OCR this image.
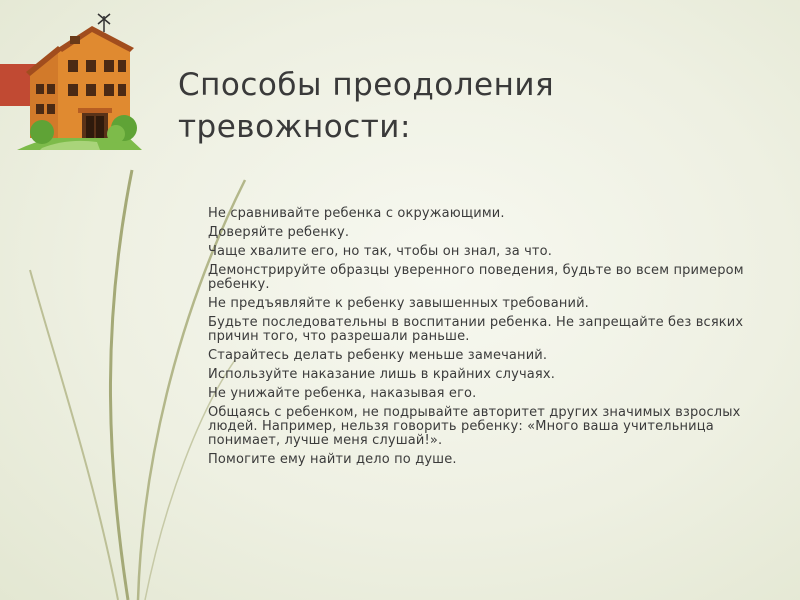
Способы преодоления тревожности:
Не сравнивайте ребенка с окружающими.
Доверяйте ребенку.
Чаще хвалите его, но так, чтобы он знал, за что.
Демонстрируйте образцы уверенного поведения, будьте во всем примером ребенку.
Не предъявляйте к ребенку завышенных требований.
Будьте последовательны в воспитании ребенка. Не запрещайте без всяких причин того, что разрешали раньше.
Старайтесь делать ребенку меньше замечаний.
Используйте наказание лишь в крайних случаях.
Не унижайте ребенка, наказывая его.
Общаясь с ребенком, не подрывайте авторитет других значимых взрослых людей. Например, нельзя говорить ребенку: «Много ваша учительница понимает, лучше меня слушай!».
Помогите ему найти дело по душе.
